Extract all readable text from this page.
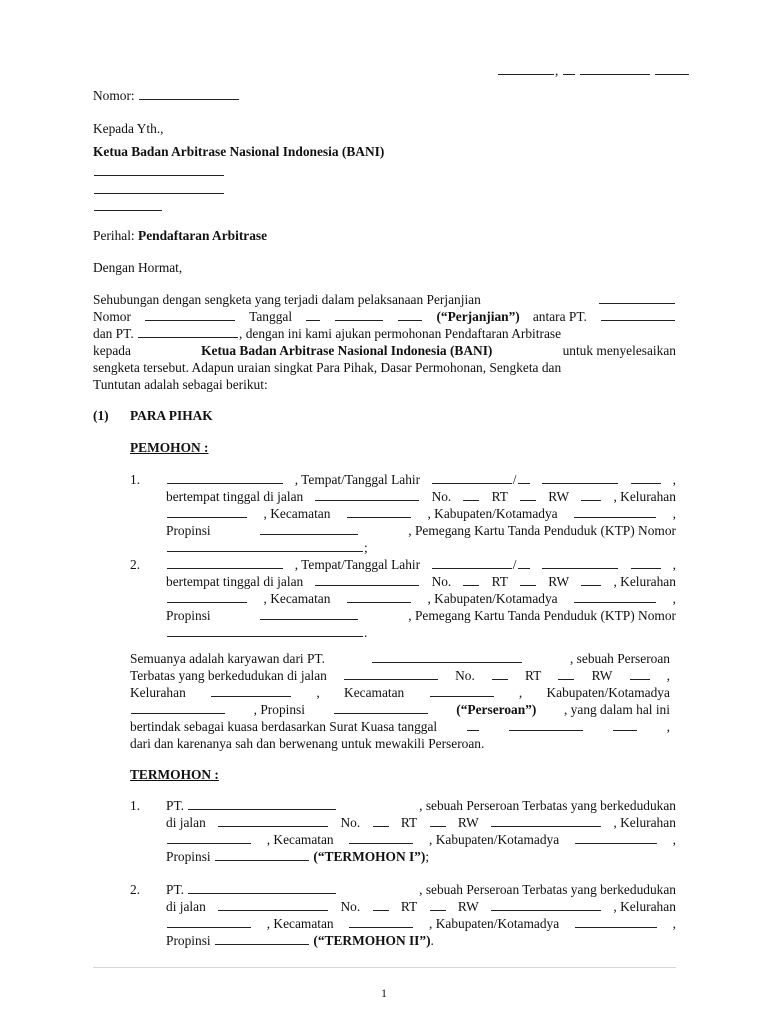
,
Nomor:
Kepada Yth.,
Ketua Badan Arbitrase Nasional Indonesia (BANI)
Perihal: Pendaftaran Arbitrase
Dengan Hormat,
Sehubungan dengan sengketa yang terjadi dalam pelaksanaan Perjanjian
Nomor	Tanggal	(“Perjanjian”) antara PT.
dan PT.	, dengan ini kami ajukan permohonan Pendaftaran Arbitrase
kepada	Ketua Badan Arbitrase Nasional Indonesia (BANI)	untuk menyelesaikan
sengketa tersebut. Adapun uraian singkat Para Pihak, Dasar Permohonan, Sengketa dan
Tuntutan adalah sebagai berikut:
(1) PARA PIHAK
PEMOHON :
1.	, Tempat/Tanggal Lahir	/	,
bertempat tinggal di jalan	No.	RT	RW	, Kelurahan
, Kecamatan	, Kabupaten/Kotamadya	,
Propinsi	, Pemegang Kartu Tanda Penduduk (KTP) Nomor
;
2.	, Tempat/Tanggal Lahir	/	,
bertempat tinggal di jalan	No.	RT	RW	, Kelurahan
, Kecamatan	, Kabupaten/Kotamadya	,
Propinsi	, Pemegang Kartu Tanda Penduduk (KTP) Nomor
.
Semuanya adalah karyawan dari PT.	, sebuah Perseroan
Terbatas yang berkedudukan di jalan	No.	RT	RW	,
Kelurahan	, Kecamatan	, Kabupaten/Kotamadya
, Propinsi	(“Perseroan”) , yang dalam hal ini
bertindak sebagai kuasa berdasarkan Surat Kuasa tanggal	,
dari dan karenanya sah dan berwenang untuk mewakili Perseroan.
TERMOHON :
1. PT.	, sebuah Perseroan Terbatas yang berkedudukan
di jalan	No.	RT	RW	, Kelurahan
, Kecamatan	, Kabupaten/Kotamadya	,
Propinsi	(“TERMOHON I”);
2. PT.	, sebuah Perseroan Terbatas yang berkedudukan
di jalan	No.	RT	RW	, Kelurahan
, Kecamatan	, Kabupaten/Kotamadya	,
Propinsi	(“TERMOHON II”).
1
